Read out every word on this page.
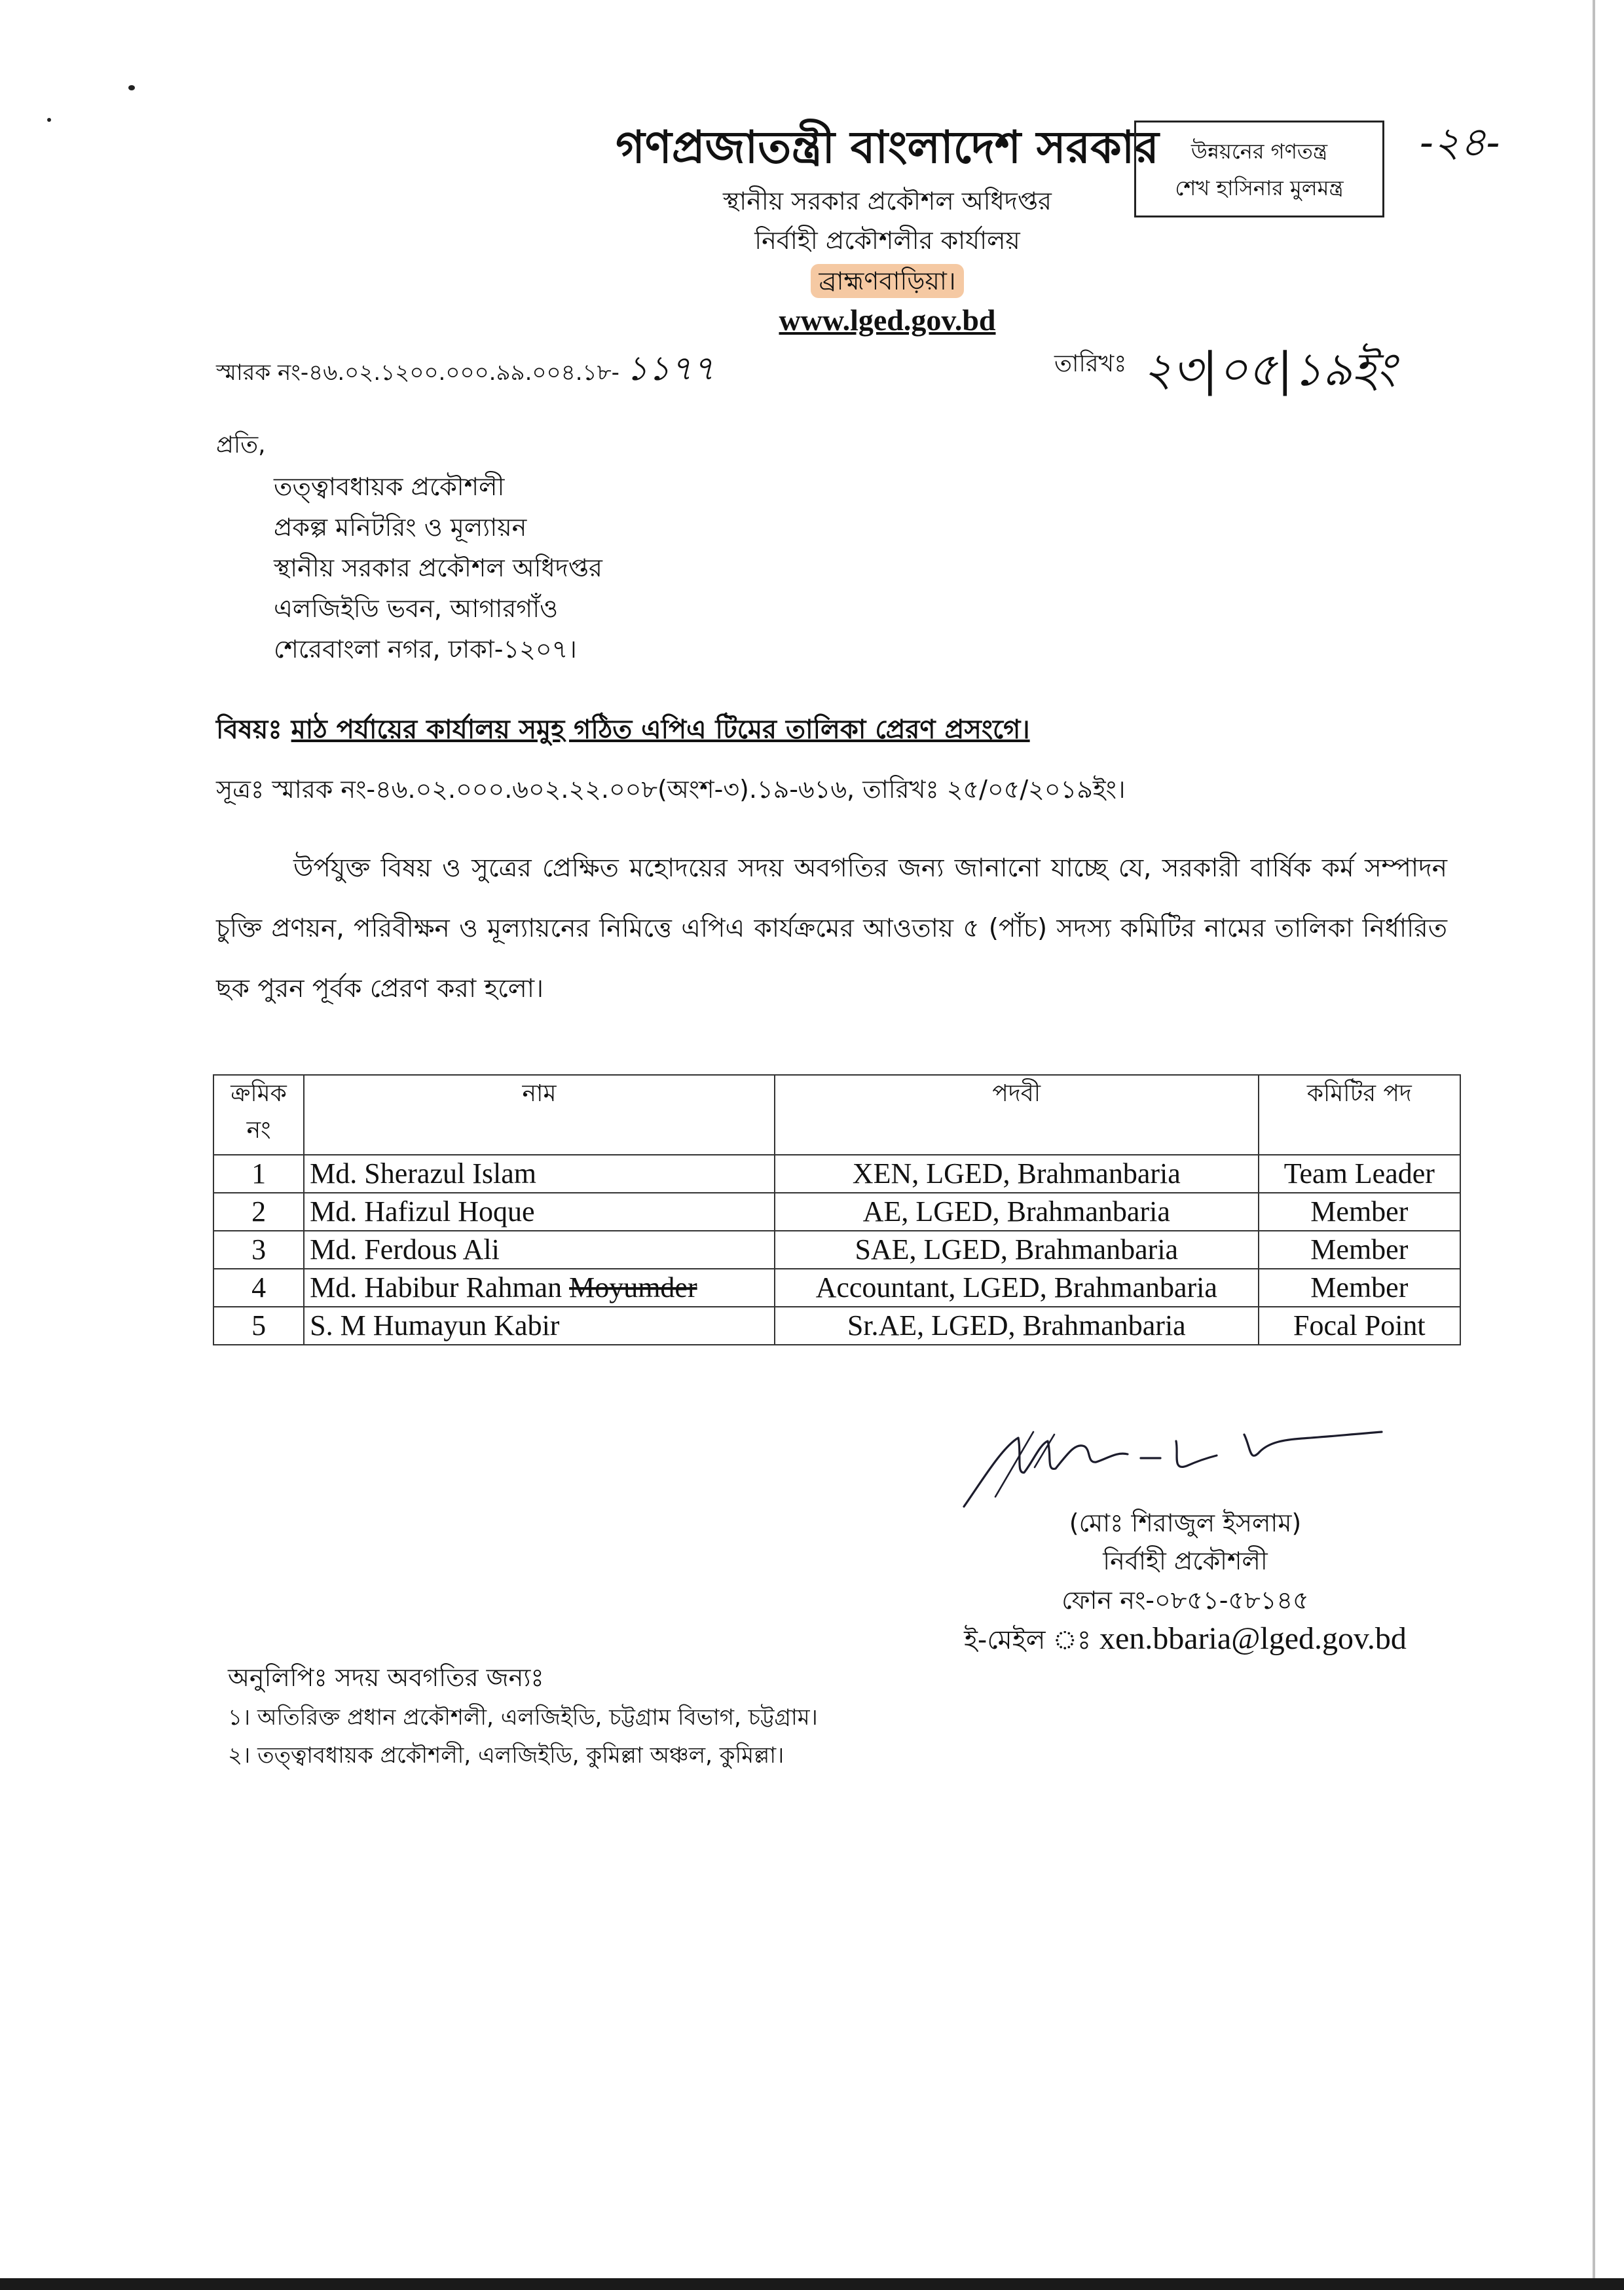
গণপ্রজাতন্ত্রী বাংলাদেশ সরকার
স্থানীয় সরকার প্রকৌশল অধিদপ্তর
নির্বাহী প্রকৌশলীর কার্যালয়
ব্রাহ্মণবাড়িয়া।
www.lged.gov.bd
উন্নয়নের গণতন্ত্র
শেখ হাসিনার মুলমন্ত্র
-২৪-
স্মারক নং-৪৬.০২.১২০০.০০০.৯৯.০০৪.১৮- ১১৭৭	তারিখঃ ২৩|০৫|১৯ইং
প্রতি,
তত্ত্বাবধায়ক প্রকৌশলী
প্রকল্প মনিটরিং ও মূল্যায়ন
স্থানীয় সরকার প্রকৌশল অধিদপ্তর
এলজিইডি ভবন, আগারগাঁও
শেরেবাংলা নগর, ঢাকা-১২০৭।
বিষয়ঃ মাঠ পর্যায়ের কার্যালয় সমুহ গঠিত এপিএ টিমের তালিকা প্রেরণ প্রসংগে।
সূত্রঃ স্মারক নং-৪৬.০২.০০০.৬০২.২২.০০৮(অংশ-৩).১৯-৬১৬, তারিখঃ ২৫/০৫/২০১৯ইং।
উর্পযুক্ত বিষয় ও সুত্রের প্রেক্ষিত মহোদয়ের সদয় অবগতির জন্য জানানো যাচ্ছে যে, সরকারী বার্ষিক কর্ম সম্পাদন চুক্তি প্রণয়ন, পরিবীক্ষন ও মূল্যায়নের নিমিত্তে এপিএ কার্যক্রমের আওতায় ৫ (পাঁচ) সদস্য কমিটির নামের তালিকা নির্ধারিত ছক পুরন পূর্বক প্রেরণ করা হলো।
ক্রমিক নং	নাম	পদবী	কমিটির পদ
1	Md. Sherazul Islam	XEN, LGED, Brahmanbaria	Team Leader
2	Md. Hafizul Hoque	AE, LGED, Brahmanbaria	Member
3	Md. Ferdous Ali	SAE, LGED, Brahmanbaria	Member
4	Md. Habibur Rahman Moyumder	Accountant, LGED, Brahmanbaria	Member
5	S. M Humayun Kabir	Sr.AE, LGED, Brahmanbaria	Focal Point
(মোঃ শিরাজুল ইসলাম)
নির্বাহী প্রকৌশলী
ফোন নং-০৮৫১-৫৮১৪৫
ই-মেইল ঃ xen.bbaria@lged.gov.bd
অনুলিপিঃ সদয় অবগতির জন্যঃ
১। অতিরিক্ত প্রধান প্রকৌশলী, এলজিইডি, চট্টগ্রাম বিভাগ, চট্টগ্রাম।
২। তত্ত্বাবধায়ক প্রকৌশলী, এলজিইডি, কুমিল্লা অঞ্চল, কুমিল্লা।
